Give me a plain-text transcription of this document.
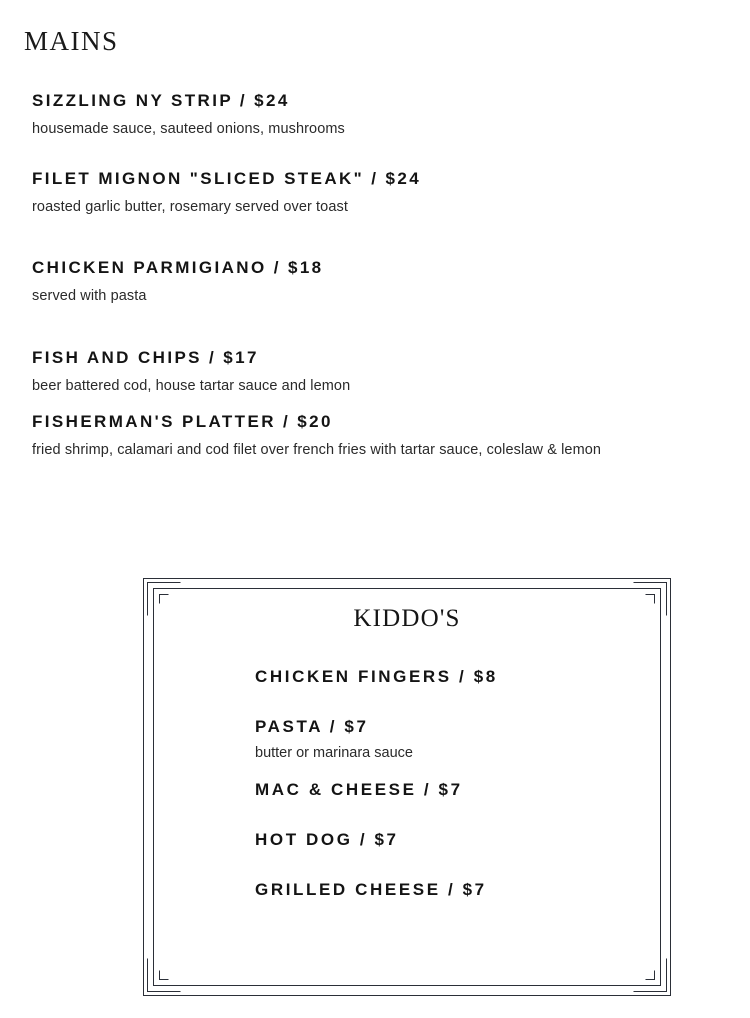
MAINS
SIZZLING NY STRIP / $24
housemade sauce, sauteed onions, mushrooms
FILET MIGNON "SLICED STEAK" / $24
roasted garlic butter, rosemary served over toast
CHICKEN PARMIGIANO / $18
served with pasta
FISH AND CHIPS / $17
beer battered cod, house tartar sauce and lemon
FISHERMAN'S PLATTER / $20
fried shrimp, calamari and cod filet over french fries with tartar sauce, coleslaw & lemon
KIDDO'S
CHICKEN FINGERS / $8
PASTA / $7
butter or marinara sauce
MAC & CHEESE / $7
HOT DOG / $7
GRILLED CHEESE / $7
